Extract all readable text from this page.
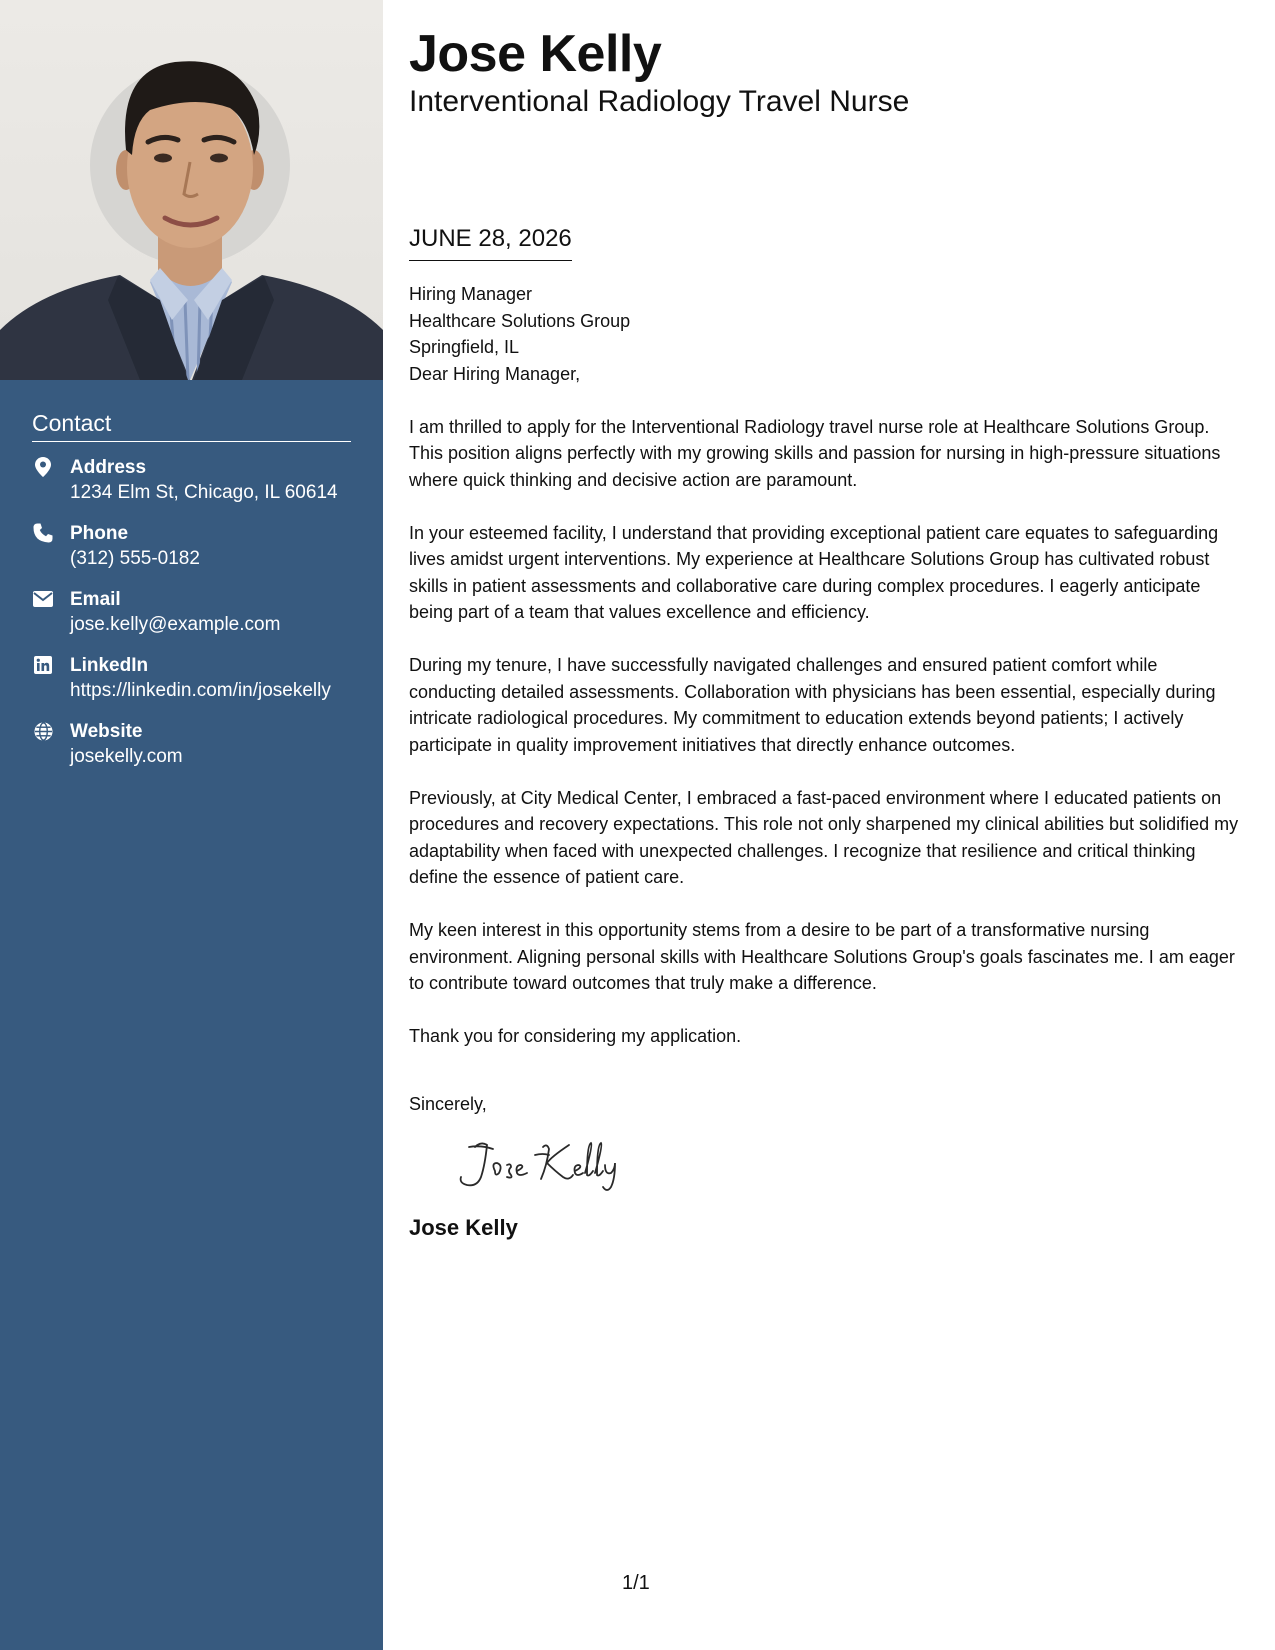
Contact
Address
1234 Elm St, Chicago, IL 60614
Phone
(312) 555-0182
Email
jose.kelly@example.com
LinkedIn
https://linkedin.com/in/josekelly
Website
josekelly.com
Jose Kelly
Interventional Radiology Travel Nurse
JUNE 28, 2026
Hiring Manager
Healthcare Solutions Group
Springfield, IL

Dear Hiring Manager,

I am thrilled to apply for the Interventional Radiology travel nurse role at Healthcare Solutions Group. This position aligns perfectly with my growing skills and passion for nursing in high-pressure situations where quick thinking and decisive action are paramount.

In your esteemed facility, I understand that providing exceptional patient care equates to safeguarding lives amidst urgent interventions. My experience at Healthcare Solutions Group has cultivated robust skills in patient assessments and collaborative care during complex procedures. I eagerly anticipate being part of a team that values excellence and efficiency.

During my tenure, I have successfully navigated challenges and ensured patient comfort while conducting detailed assessments. Collaboration with physicians has been essential, especially during intricate radiological procedures. My commitment to education extends beyond patients; I actively participate in quality improvement initiatives that directly enhance outcomes.

Previously, at City Medical Center, I embraced a fast-paced environment where I educated patients on procedures and recovery expectations. This role not only sharpened my clinical abilities but solidified my adaptability when faced with unexpected challenges. I recognize that resilience and critical thinking define the essence of patient care.

My keen interest in this opportunity stems from a desire to be part of a transformative nursing environment. Aligning personal skills with Healthcare Solutions Group's goals fascinates me. I am eager to contribute toward outcomes that truly make a difference.

Thank you for considering my application.

Sincerely,
Jose Kelly
1/1
